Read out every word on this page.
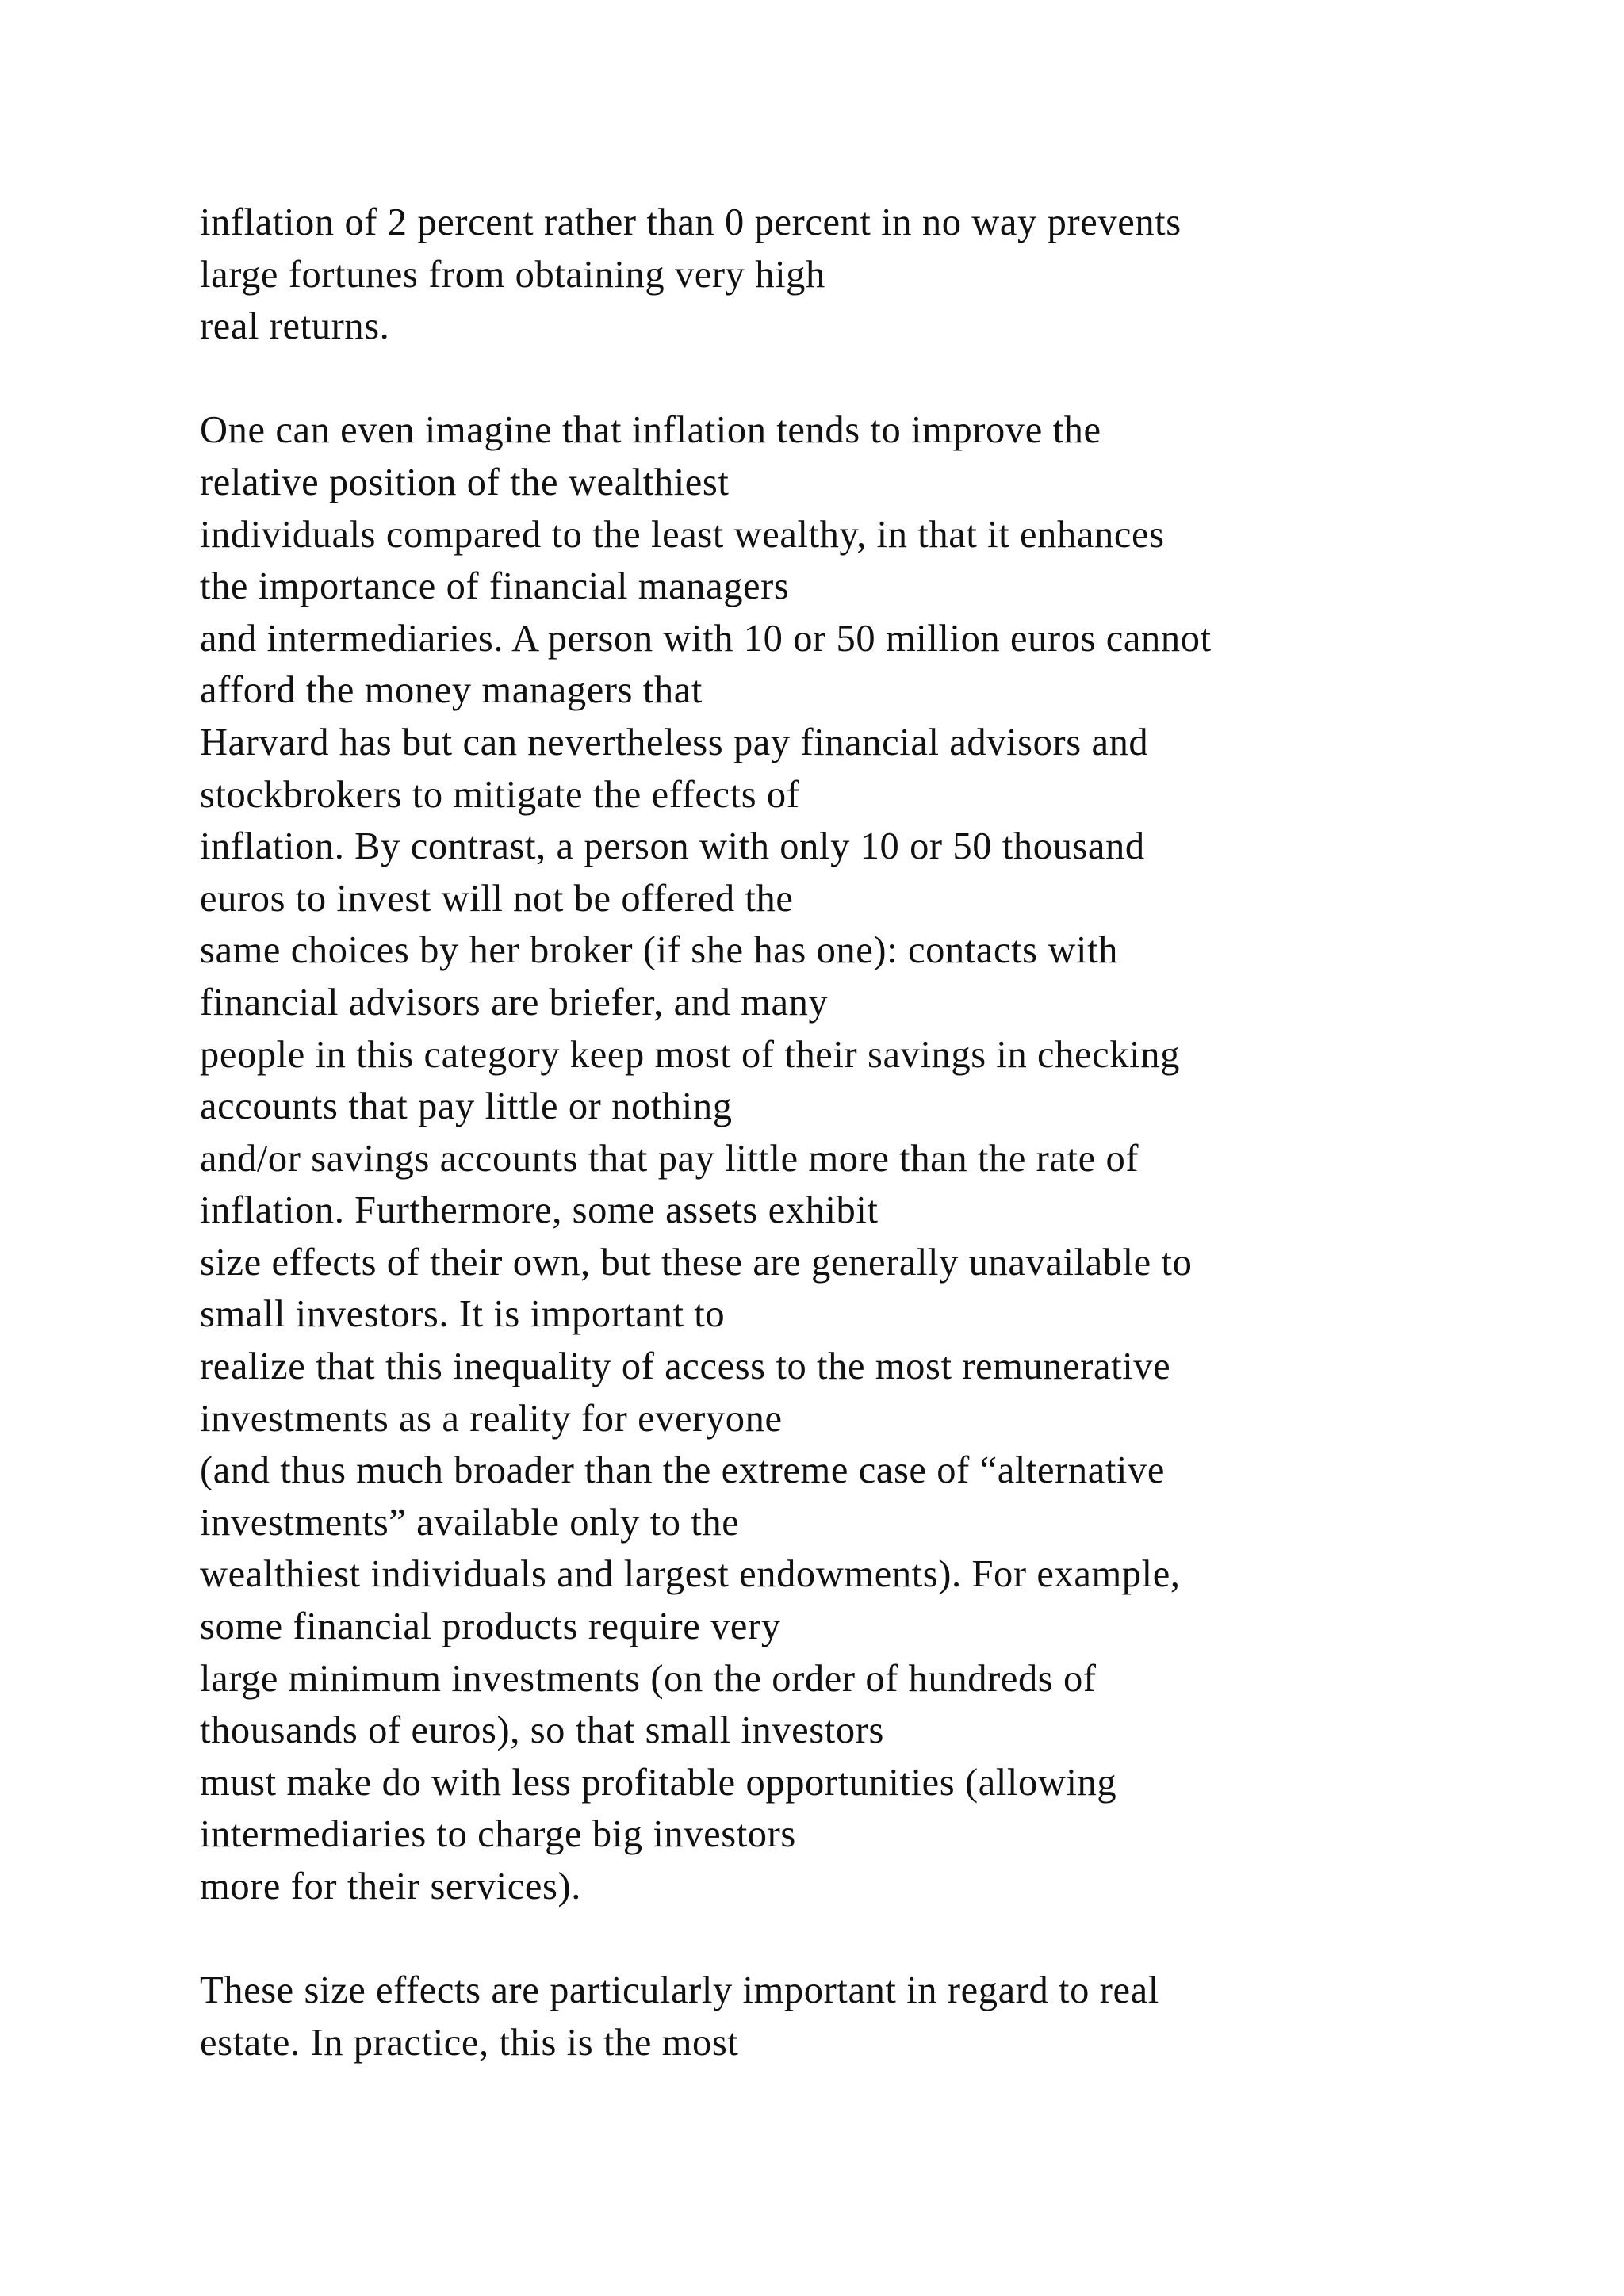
inflation of 2 percent rather than 0 percent in no way prevents
large fortunes from obtaining very high
real returns.
One can even imagine that inflation tends to improve the
relative position of the wealthiest
individuals compared to the least wealthy, in that it enhances
the importance of financial managers
and intermediaries. A person with 10 or 50 million euros cannot
afford the money managers that
Harvard has but can nevertheless pay financial advisors and
stockbrokers to mitigate the effects of
inflation. By contrast, a person with only 10 or 50 thousand
euros to invest will not be offered the
same choices by her broker (if she has one): contacts with
financial advisors are briefer, and many
people in this category keep most of their savings in checking
accounts that pay little or nothing
and/or savings accounts that pay little more than the rate of
inflation. Furthermore, some assets exhibit
size effects of their own, but these are generally unavailable to
small investors. It is important to
realize that this inequality of access to the most remunerative
investments as a reality for everyone
(and thus much broader than the extreme case of “alternative
investments” available only to the
wealthiest individuals and largest endowments). For example,
some financial products require very
large minimum investments (on the order of hundreds of
thousands of euros), so that small investors
must make do with less profitable opportunities (allowing
intermediaries to charge big investors
more for their services).
These size effects are particularly important in regard to real
estate. In practice, this is the most
